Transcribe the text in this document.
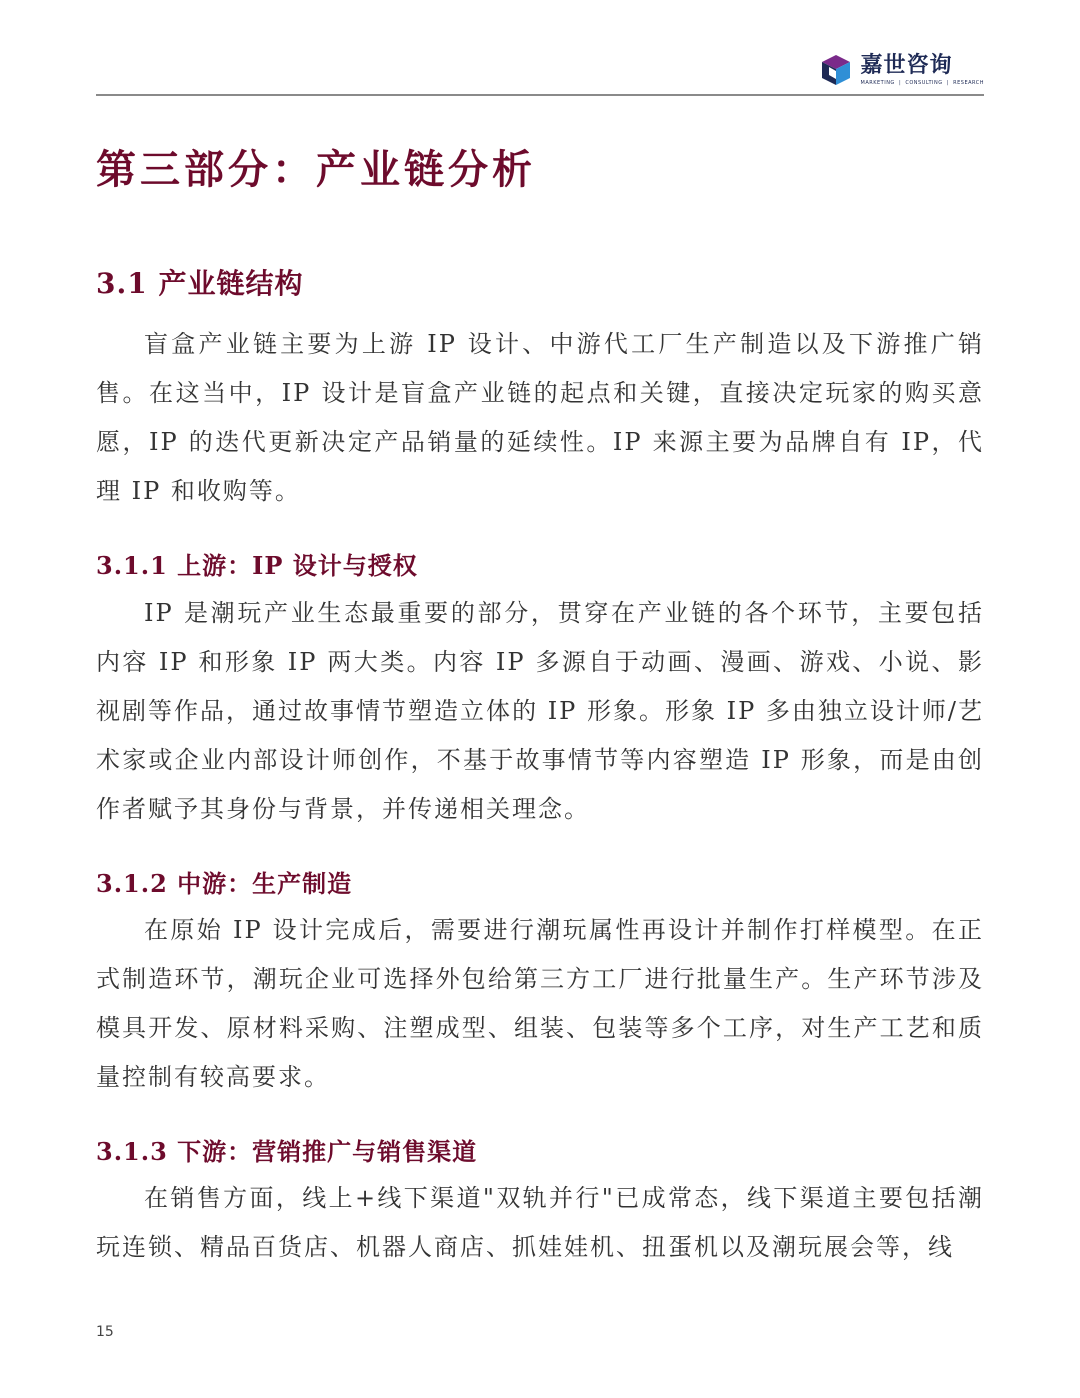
嘉世咨询
MARKETING  |  CONSULTING  |  RESEARCH
第三部分：产业链分析
3.1 产业链结构

盲盒产业链主要为上游 IP 设计、中游代工厂生产制造以及下游推广销售。在这当中，IP 设计是盲盒产业链的起点和关键，直接决定玩家的购买意愿，IP 的迭代更新决定产品销量的延续性。IP 来源主要为品牌自有 IP，代理 IP 和收购等。

3.1.1 上游：IP 设计与授权

IP 是潮玩产业生态最重要的部分，贯穿在产业链的各个环节，主要包括内容 IP 和形象 IP 两大类。内容 IP 多源自于动画、漫画、游戏、小说、影视剧等作品，通过故事情节塑造立体的 IP 形象。形象 IP 多由独立设计师/艺术家或企业内部设计师创作，不基于故事情节等内容塑造 IP 形象，而是由创作者赋予其身份与背景，并传递相关理念。

3.1.2 中游：生产制造

在原始 IP 设计完成后，需要进行潮玩属性再设计并制作打样模型。在正式制造环节，潮玩企业可选择外包给第三方工厂进行批量生产。生产环节涉及模具开发、原材料采购、注塑成型、组装、包装等多个工序，对生产工艺和质量控制有较高要求。

3.1.3 下游：营销推广与销售渠道

在销售方面，线上+线下渠道"双轨并行"已成常态，线下渠道主要包括潮玩连锁、精品百货店、机器人商店、抓娃娃机、扭蛋机以及潮玩展会等，线

15
